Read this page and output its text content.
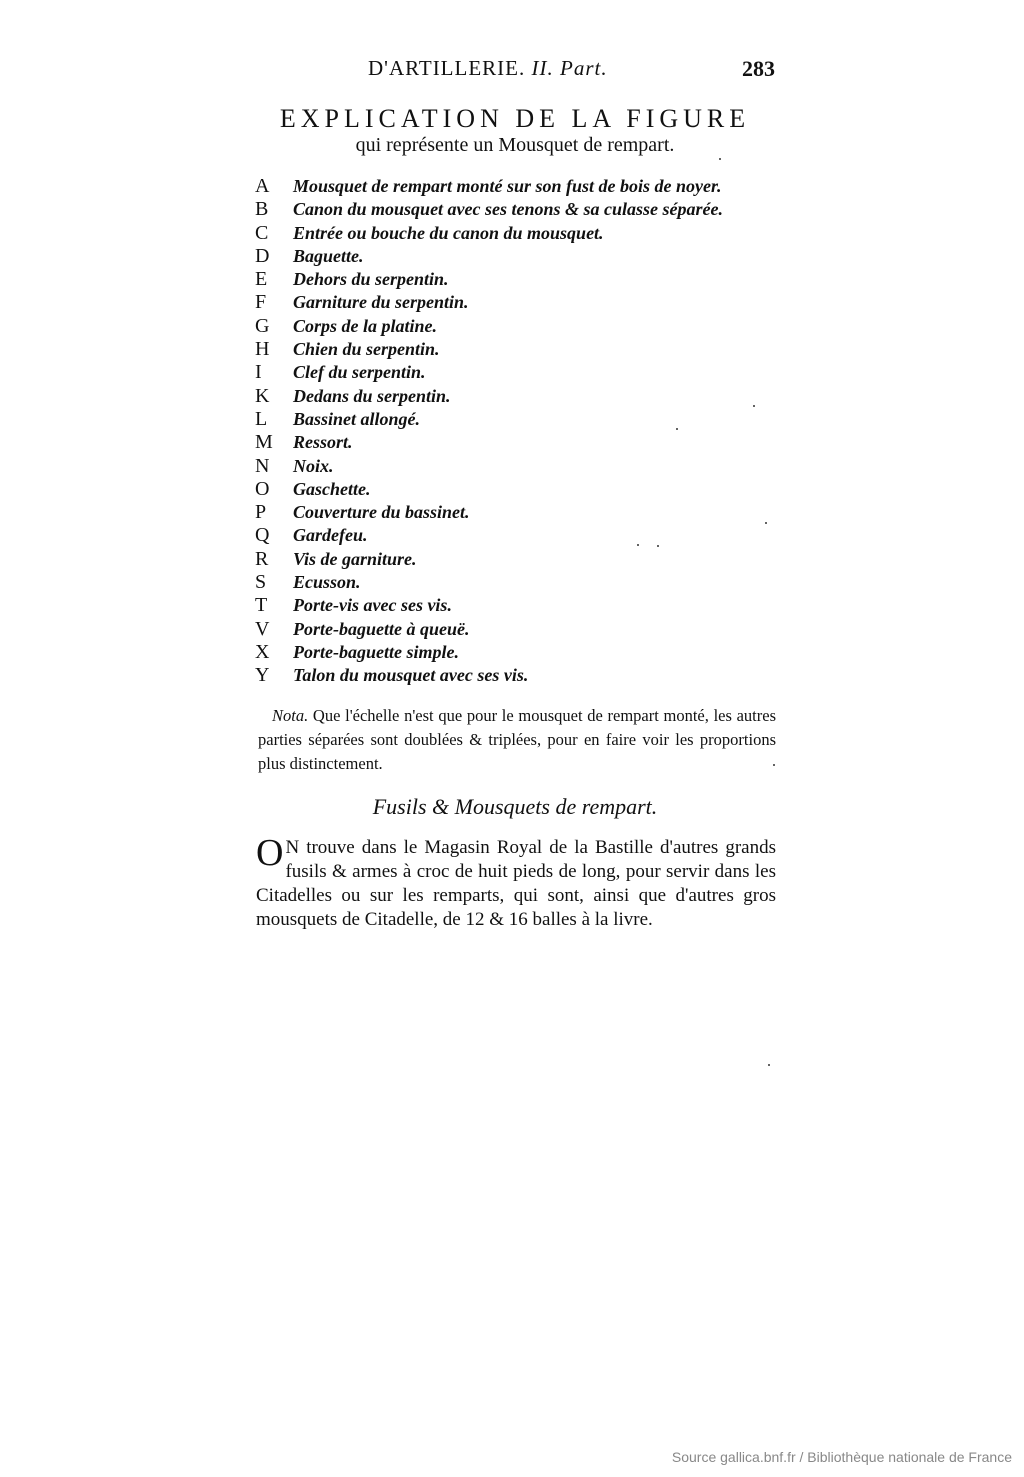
D'ARTILLERIE. II. Part.	283
EXPLICATION DE LA FIGURE
qui représente un Mousquet de rempart.
A	Mousquet de rempart monté sur son fust de bois de noyer.
B	Canon du mousquet avec ses tenons & sa culasse séparée.
C	Entrée ou bouche du canon du mousquet.
D	Baguette.
E	Dehors du serpentin.
F	Garniture du serpentin.
G	Corps de la platine.
H	Chien du serpentin.
I	Clef du serpentin.
K	Dedans du serpentin.
L	Bassinet allongé.
M	Ressort.
N	Noix.
O	Gaschette.
P	Couverture du bassinet.
Q	Gardefeu.
R	Vis de garniture.
S	Ecusson.
T	Porte-vis avec ses vis.
V	Porte-baguette à queuë.
X	Porte-baguette simple.
Y	Talon du mousquet avec ses vis.
Nota. Que l'échelle n'est que pour le mousquet de rempart monté, les autres parties séparées sont doublées & triplées, pour en faire voir les proportions plus distinctement.
Fusils & Mousquets de rempart.
O N trouve dans le Magasin Royal de la Bastille d'autres grands fusils & armes à croc de huit pieds de long, pour servir dans les Citadelles ou sur les remparts, qui sont, ainsi que d'autres gros mousquets de Citadelle, de 12 & 16 balles à la livre.
Source gallica.bnf.fr / Bibliothèque nationale de France
